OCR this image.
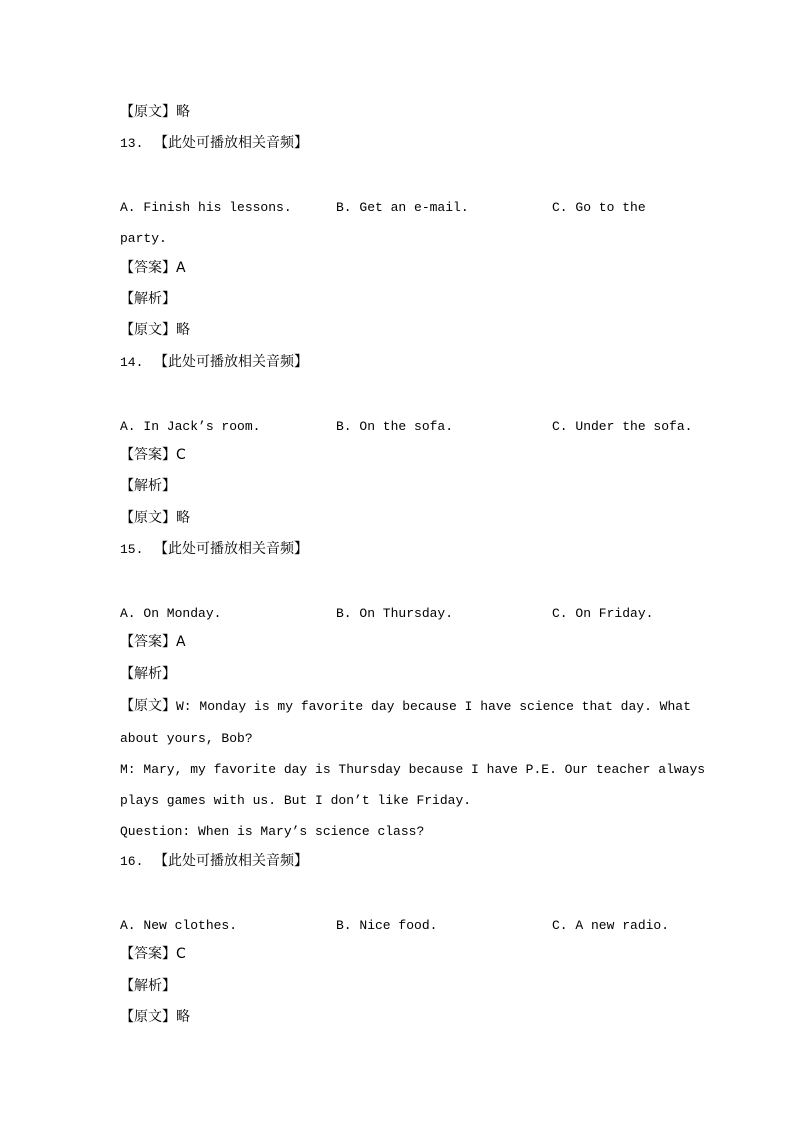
【原文】略
13. 【此处可播放相关音频】
A. Finish his lessons.	B. Get an e-mail.	C. Go to the
party.
【答案】A
【解析】
【原文】略
14. 【此处可播放相关音频】
A. In Jack’s room.	B. On the sofa.	C. Under the sofa.
【答案】C
【解析】
【原文】略
15. 【此处可播放相关音频】
A. On Monday.	B. On Thursday.	C. On Friday.
【答案】A
【解析】
【原文】W: Monday is my favorite day because I have science that day. What
about yours, Bob?
M: Mary, my favorite day is Thursday because I have P.E. Our teacher always
plays games with us. But I don’t like Friday.
Question: When is Mary’s science class?
16. 【此处可播放相关音频】
A. New clothes.	B. Nice food.	C. A new radio.
【答案】C
【解析】
【原文】略
